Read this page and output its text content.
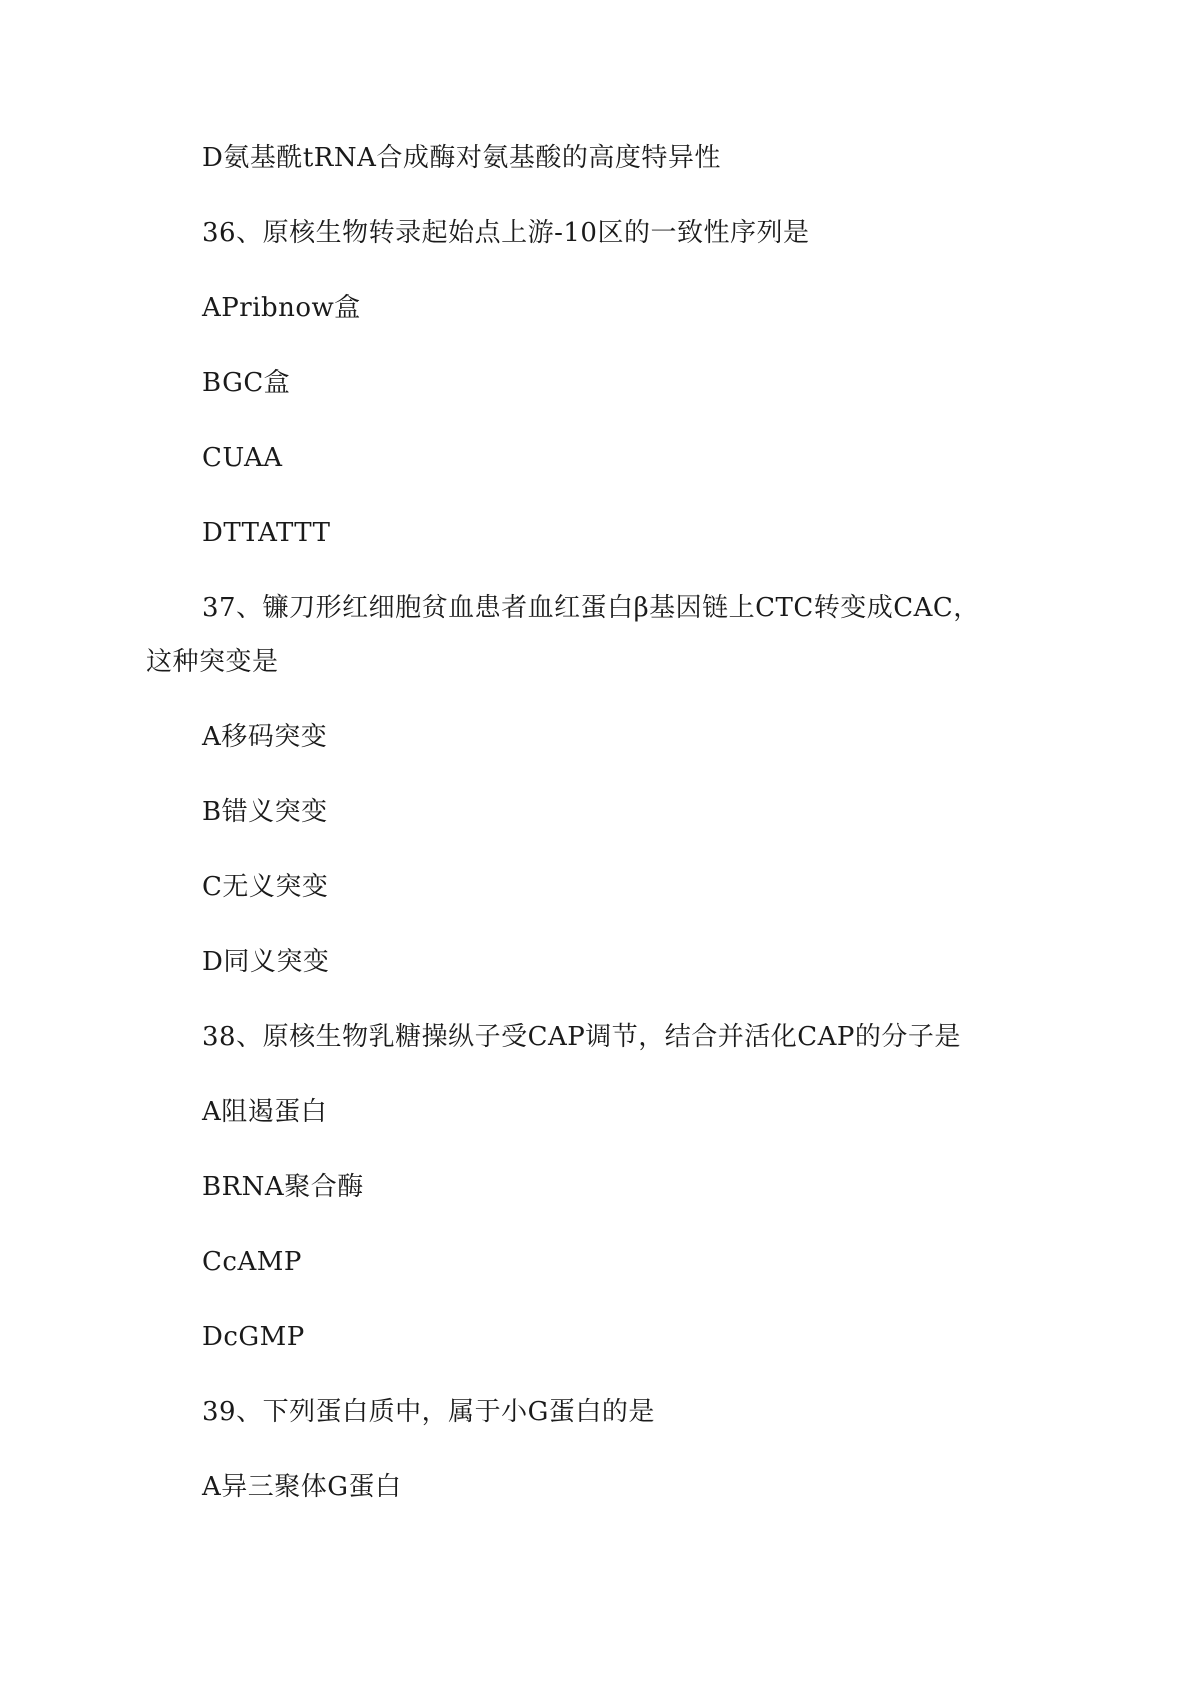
D氨基酰tRNA合成酶对氨基酸的高度特异性
36、原核生物转录起始点上游-10区的一致性序列是
APribnow盒
BGC盒
CUAA
DTTATTT
37、镰刀形红细胞贫血患者血红蛋白β基因链上CTC转变成CAC，
这种突变是
A移码突变
B错义突变
C无义突变
D同义突变
38、原核生物乳糖操纵子受CAP调节，结合并活化CAP的分子是
A阻遏蛋白
BRNA聚合酶
CcAMP
DcGMP
39、下列蛋白质中，属于小G蛋白的是
A异三聚体G蛋白
